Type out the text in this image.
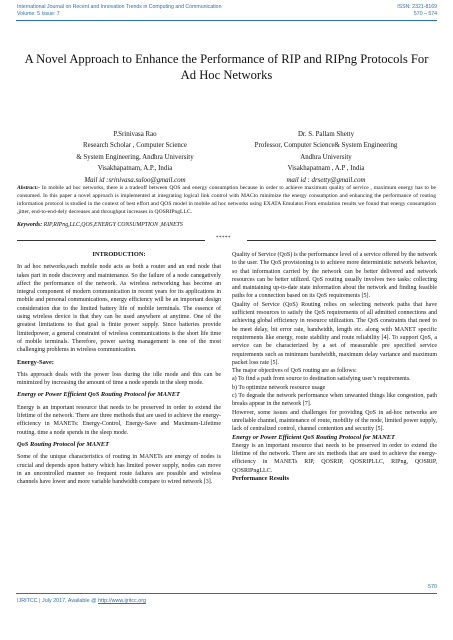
International Journal on Recent and Innovation Trends in Computing and Communication
Volume: 5 Issue: 7
ISSN: 2321-8169
570 – 574
A Novel Approach to Enhance the Performance of RIP and RIPng Protocols For Ad Hoc Networks
P.Srinivasa Rao
Research Scholar , Computer Science
& System Engineering, Andhra University
Visakhapatnam, A.P., India
Mail id :srinivasa.suloo@gmail.com
Dr. S. Pallam Shetty
Professor, Computer Science& System Engineering
Andhra University
Visakhapatnam , A.P , India
mail id : drsetty@gmail.com
Abstract:- In mobile ad hoc networks, there is a tradeoff between QOS and energy consumption because in order to achieve maximum quality of service , maximum energy has to be consumed. In this paper a novel approach is implemented at integrating logical link control with MACto minimize the energy consumption and enhancing the performance of routing information protocol is studied in the context of best effort and QOS model in mobile ad hoc networks using EXATA Emulator.From emulation results we found that energy consumption ,jitter, end-to-end-dely decreases and throughput increases in QOSRIPngLLC.
Keywords: RIP,RIPng,LLC,QOS,ENERGY CONSUMPTION ,MANETS
*****
INTRODUCTION:

In ad hoc networks,each mobile node acts as both a router and an end node that takes part in node discovery and maintenance. So the failure of a node canegatively affect the performance of the network. As wireless networking has become an integral component of modern communication in recent years for its applications in mobile and personal communications, energy efficiency will be an important design consideration due to the limited battery life of mobile terminals. The essence of using wireless device is that they can be used anywhere at anytime. One of the greatest limitations to that goal is finite power supply. Since batteries provide limitedpower, a general constraint of wireless communications is the short life time of mobile terminals. Therefore, power saving management is one of the most challenging problems in wireless communication.

Energy-Save:

This approach deals with the power loss during the idle mode and this can be minimized by increasing the amount of time a node spends in the sleep mode.

Energy or Power Efficient QoS Routing Protocol for MANET

Energy is an important resource that needs to be preserved in order to extend the lifetime of the network. There are three methods that are used to achieve the energy-efficiency in MANETs: Energy-Control, Energy-Save and Maximum-Lifetime routing. time a node spends in the sleep mode.

QoS Routing Protocol for MANET

Some of the unique characteristics of routing in MANETs are energy of nodes is crucial and depends upon battery which has limited power supply, nodes can move in an uncontrolled manner so frequent route failures are possible and wireless channels have lower and more variable bandwidth compare to wired network [3].

Quality of Service (QoS) is the performance level of a service offered by the network to the user. The QoS provisioning is to achieve more deterministic network behavior, so that information carried by the network can be better delivered and network resources can be better utilized. QoS routing usually involves two tasks: collecting and maintaining up-to-date state information about the network and finding feasible paths for a connection based on its QoS requirements [5].

Quality of Service (QoS) Routing relies on selecting network paths that have sufficient resources to satisfy the QoS requirements of all admitted connections and achieving global efficiency in resource utilization. The QoS constraints that need to be meet delay, bit error rate, bandwidth, length etc. along with MANET specific requirements like energy, route stability and route reliability [4]. To support QoS, a service can be characterized by a set of measurable pre specified service requirements such as minimum bandwidth, maximum delay variance and maximum packet loss rate [5].

The major objectives of QoS routing are as follows:

a) To find a path from source to destination satisfying user’s requirements.

b) To optimize network resource usage

c) To degrade the network performance when unwanted things like congestion, path breaks appear in the network [7].

However, some issues and challenges for providing QoS in ad-hoc networks are unreliable channel, maintenance of route, mobility of the node, limited power supply, lack of centralized control, channel contention and security [5].

Energy or Power Efficient QoS Routing Protocol for MANET

Energy is an important resource that needs to be preserved in order to extend the lifetime of the network. There are six methods that are used to achieve the energy-efficiency in MANETs RIP, QOSRIP, QOSRIPLLC, RIPng, QOSRIP, QOSRIPngLLC.

Performance Results
570
IJRITCC | July 2017, Available @ http://www.ijritcc.org
